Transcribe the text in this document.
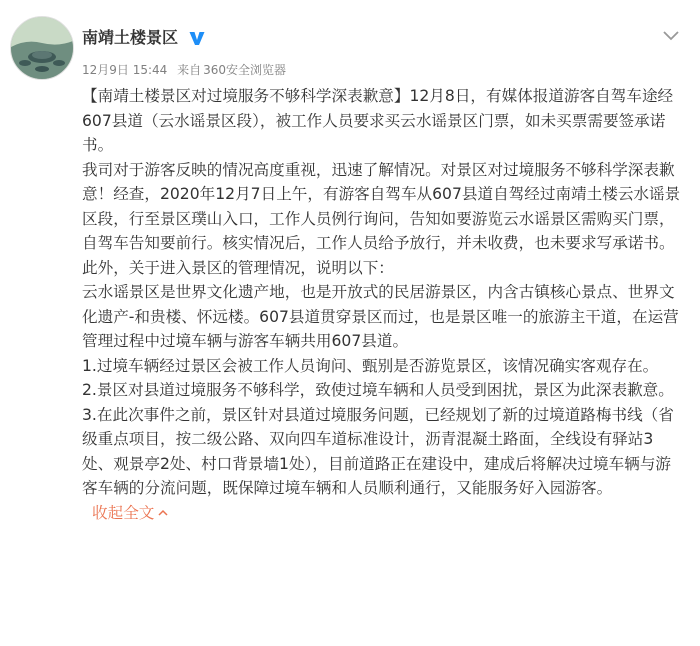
南靖土楼景区
12月9日 15:44 来自 360安全浏览器

【南靖土楼景区对过境服务不够科学深表歉意】12月8日，有媒体报道游客自驾车途经607县道（云水谣景区段），被工作人员要求买云水谣景区门票，如未买票需要签承诺书。

我司对于游客反映的情况高度重视，迅速了解情况。对景区对过境服务不够科学深表歉意！经查，2020年12月7日上午，有游客自驾车从607县道自驾经过南靖土楼云水谣景区段，行至景区璞山入口，工作人员例行询问，告知如要游览云水谣景区需购买门票，自驾车告知要前行。核实情况后，工作人员给予放行，并未收费，也未要求写承诺书。

此外，关于进入景区的管理情况，说明以下：

云水谣景区是世界文化遗产地，也是开放式的民居游景区，内含古镇核心景点、世界文化遗产-和贵楼、怀远楼。607县道贯穿景区而过，也是景区唯一的旅游主干道，在运营管理过程中过境车辆与游客车辆共用607县道。

1.过境车辆经过景区会被工作人员询问、甄别是否游览景区，该情况确实客观存在。

2.景区对县道过境服务不够科学，致使过境车辆和人员受到困扰，景区为此深表歉意。

3.在此次事件之前，景区针对县道过境服务问题，已经规划了新的过境道路梅书线（省级重点项目，按二级公路、双向四车道标准设计，沥青混凝土路面，全线设有驿站3处、观景亭2处、村口背景墙1处），目前道路正在建设中，建成后将解决过境车辆与游客车辆的分流问题，既保障过境车辆和人员顺利通行，又能服务好入园游客。收起全文
